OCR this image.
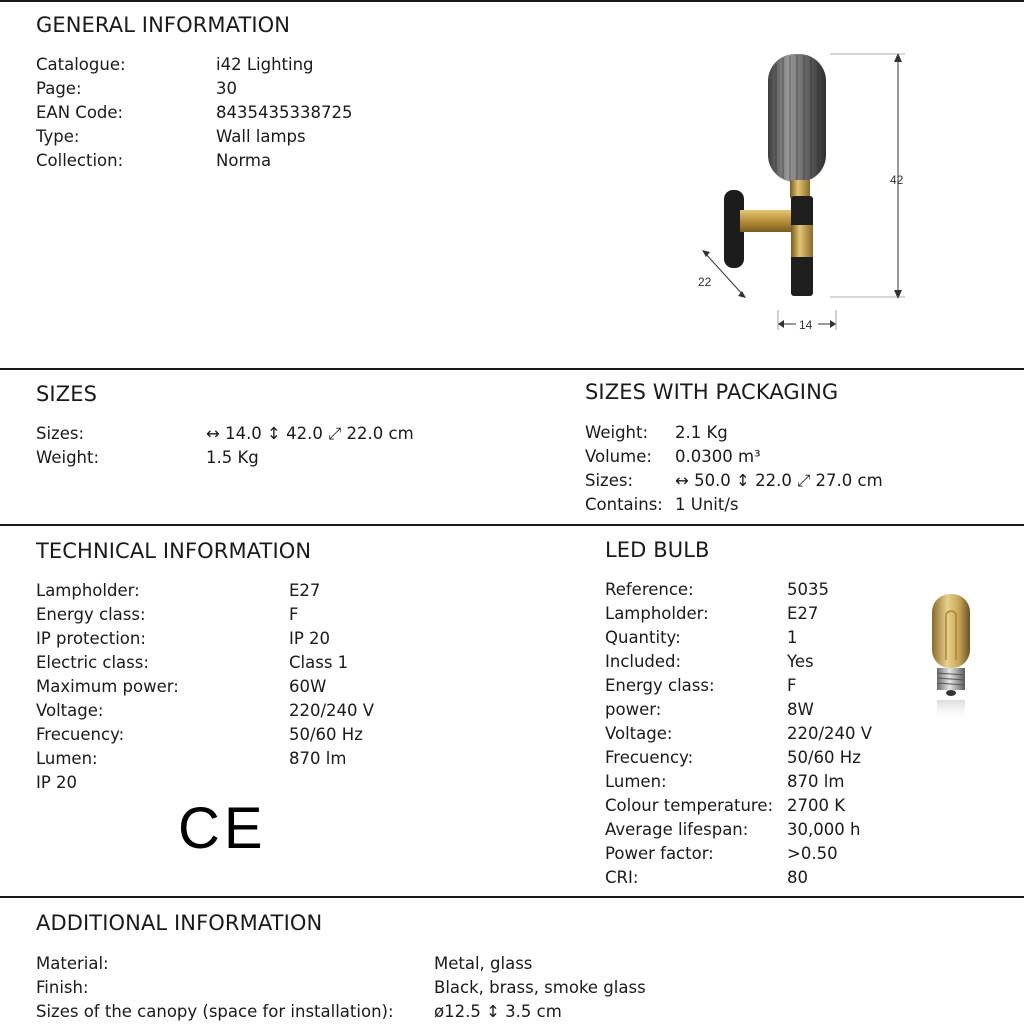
GENERAL INFORMATION
Catalogue:	i42 Lighting
Page:	30
EAN Code:	8435435338725
Type:	Wall lamps
Collection:	Norma
42
22
14
SIZES
Sizes:	↔ 14.0 ↕ 42.0 ⤢ 22.0 cm
Weight:	1.5 Kg
SIZES WITH PACKAGING
Weight: 2.1 Kg
Volume: 0.0300 m³
Sizes:	↔ 50.0 ↕ 22.0 ⤢ 27.0 cm
Contains: 1 Unit/s
TECHNICAL INFORMATION
Lampholder:	E27
Energy class:	F
IP protection:	IP 20
Electric class:	Class 1
Maximum power:	60W
Voltage:	220/240 V
Frecuency:	50/60 Hz
Lumen:	870 lm
IP 20
CE
LED BULB
Reference:	5035
Lampholder:	E27
Quantity:	1
Included:	Yes
Energy class:	F
power:	8W
Voltage:	220/240 V
Frecuency:	50/60 Hz
Lumen:	870 lm
Colour temperature: 2700 K
Average lifespan: 30,000 h
Power factor:	>0.50
CRI:	80
ADDITIONAL INFORMATION
Material:	Metal, glass
Finish:	Black, brass, smoke glass
Sizes of the canopy (space for installation): ø12.5 ↕ 3.5 cm
